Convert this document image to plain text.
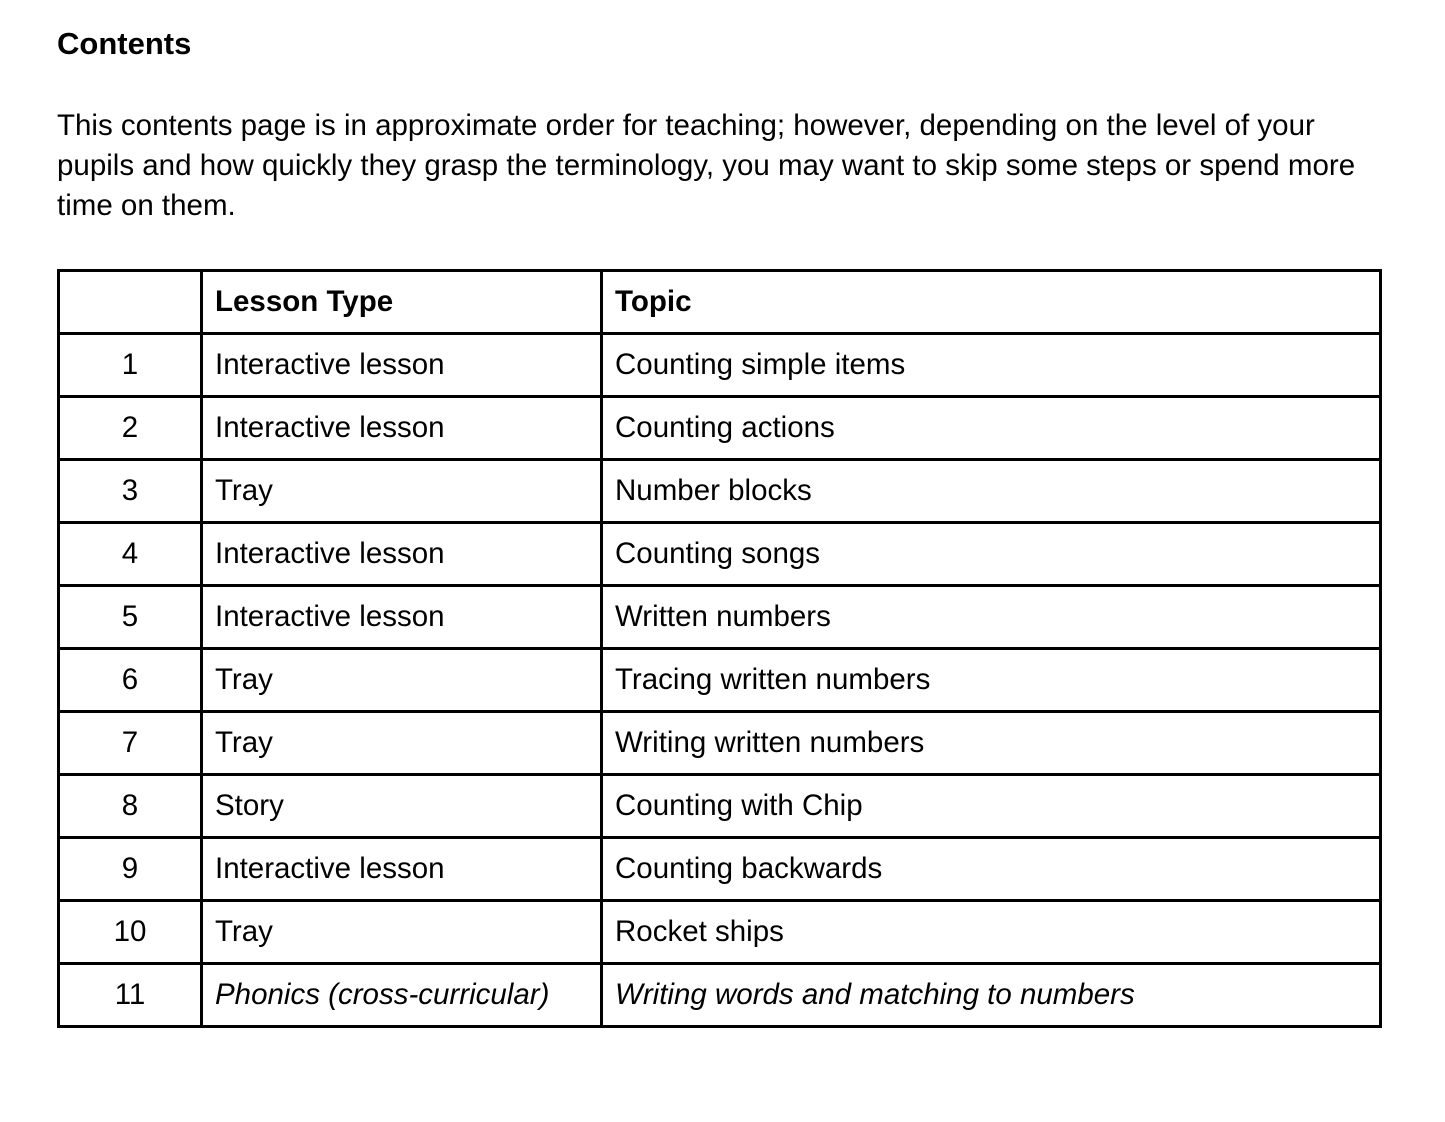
Contents

This contents page is in approximate order for teaching; however, depending on the level of your pupils and how quickly they grasp the terminology, you may want to skip some steps or spend more time on them.

	Lesson Type	Topic
1	Interactive lesson	Counting simple items
2	Interactive lesson	Counting actions
3	Tray	Number blocks
4	Interactive lesson	Counting songs
5	Interactive lesson	Written numbers
6	Tray	Tracing written numbers
7	Tray	Writing written numbers
8	Story	Counting with Chip
9	Interactive lesson	Counting backwards
10	Tray	Rocket ships
11	Phonics (cross-curricular)	Writing words and matching to numbers
